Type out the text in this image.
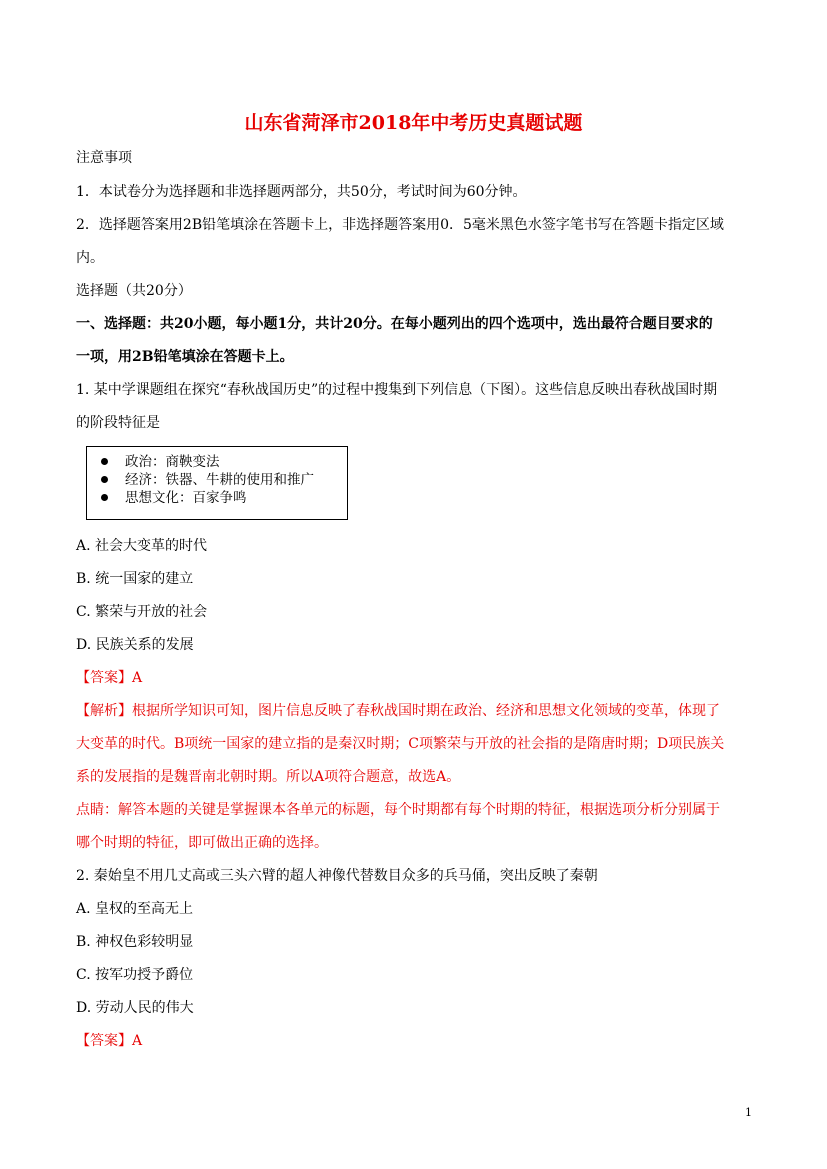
山东省菏泽市2018年中考历史真题试题
注意事项
1．本试卷分为选择题和非选择题两部分，共50分，考试时间为60分钟。
2．选择题答案用2B铅笔填涂在答题卡上，非选择题答案用0．5毫米黑色水签字笔书写在答题卡指定区域
内。
选择题（共20分）
一、选择题：共20小题，每小题1分，共计20分。在每小题列出的四个选项中，选出最符合题目要求的
一项，用2B铅笔填涂在答题卡上。
1. 某中学课题组在探究“春秋战国历史”的过程中搜集到下列信息（下图）。这些信息反映出春秋战国时期
的阶段特征是
政治：商鞅变法
经济：铁器、牛耕的使用和推广
思想文化：百家争鸣
A. 社会大变革的时代
B. 统一国家的建立
C. 繁荣与开放的社会
D. 民族关系的发展
【答案】A
【解析】根据所学知识可知，图片信息反映了春秋战国时期在政治、经济和思想文化领域的变革，体现了
大变革的时代。B项统一国家的建立指的是秦汉时期；C项繁荣与开放的社会指的是隋唐时期；D项民族关
系的发展指的是魏晋南北朝时期。所以A项符合题意，故选A。
点睛：解答本题的关键是掌握课本各单元的标题，每个时期都有每个时期的特征，根据选项分析分别属于
哪个时期的特征，即可做出正确的选择。
2. 秦始皇不用几丈高或三头六臂的超人神像代替数目众多的兵马俑，突出反映了秦朝
A. 皇权的至高无上
B. 神权色彩较明显
C. 按军功授予爵位
D. 劳动人民的伟大
【答案】A
1
